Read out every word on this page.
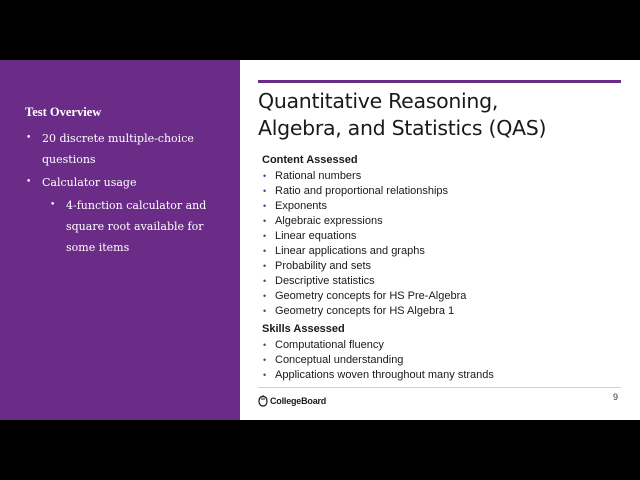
Test Overview
• 20 discrete multiple-choice
questions
• Calculator usage
• 4-function calculator and
square root available for
some items
Quantitative Reasoning,
Algebra, and Statistics (QAS)
Content Assessed
• Rational numbers
• Ratio and proportional relationships
• Exponents
• Algebraic expressions
• Linear equations
• Linear applications and graphs
• Probability and sets
• Descriptive statistics
• Geometry concepts for HS Pre-Algebra
• Geometry concepts for HS Algebra 1
Skills Assessed
• Computational fluency
• Conceptual understanding
• Applications woven throughout many strands
CollegeBoard	9
